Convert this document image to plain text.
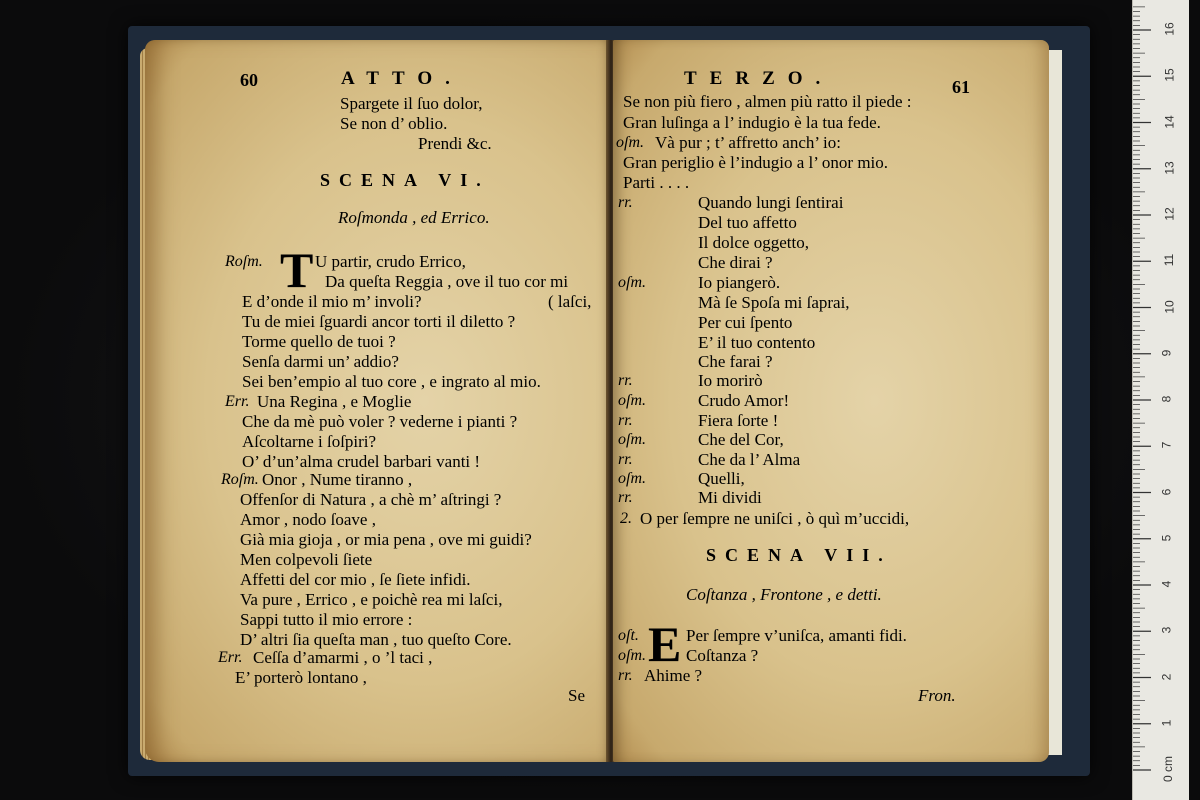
60	ATTO.
Spargete il ſuo dolor,
Se non d’ oblio.
Prendi &c.
SCENA VI.
Roſmonda , ed Errico.
Roſm. T U partir, crudo Errico,
Da queſta Reggia , ove il tuo cor mi
E d’onde il mio m’ involi?	( laſci,
Tu de miei ſguardi ancor torti il diletto ?
Torme quello de tuoi ?
Senſa darmi un’ addio?
Sei ben’empio al tuo core , e ingrato al mio.
Err. Una Regina , e Moglie
Che da mè può voler ? vederne i pianti ?
Aſcoltarne i ſoſpiri?
O’ d’un’alma crudel barbari vanti !
Roſm. Onor , Nume tiranno ,
Offenſor di Natura , a chè m’ aſtringi ?
Amor , nodo ſoave ,
Già mia gioja , or mia pena , ove mi guidi?
Men colpevoli ſiete
Affetti del cor mio , ſe ſiete infidi.
Va pure , Errico , e poichè rea mi laſci,
Sappi tutto il mio errore :
D’ altri ſia queſta man , tuo queſto Core.
Err. Ceſſa d’amarmi , o ’l taci ,
E’ porterò lontano ,
Se
TERZO.	61
Se non più fiero , almen più ratto il piede :
Gran luſinga a l’ indugio è la tua fede.
oſm. Và pur ; t’ affretto anch’ io:
Gran periglio è l’indugio a l’ onor mio.
Parti . . . .
rr.	Quando lungi ſentirai
Del tuo affetto
Il dolce oggetto,
Che dirai ?
oſm.	Io piangerò.
Mà ſe Spoſa mi ſaprai,
Per cui ſpento
E’ il tuo contento
Che farai ?
rr.	Io morirò
oſm.	Crudo Amor!
rr.	Fiera ſorte !
oſm.	Che del Cor,
rr.	Che da l’ Alma
oſm.	Quelli,
rr.	Mi dividi
2. O per ſempre ne uniſci , ò quì m’uccidi,
SCENA VII.
Coſtanza , Frontone , e detti.
oſt. E Per ſempre v’uniſca, amanti fidi.
oſm. Coſtanza ?
rr. Ahime ?
Fron.
0 cm
1
2
3
4
5
6
7
8
9
10
11
12
13
14
15
16
